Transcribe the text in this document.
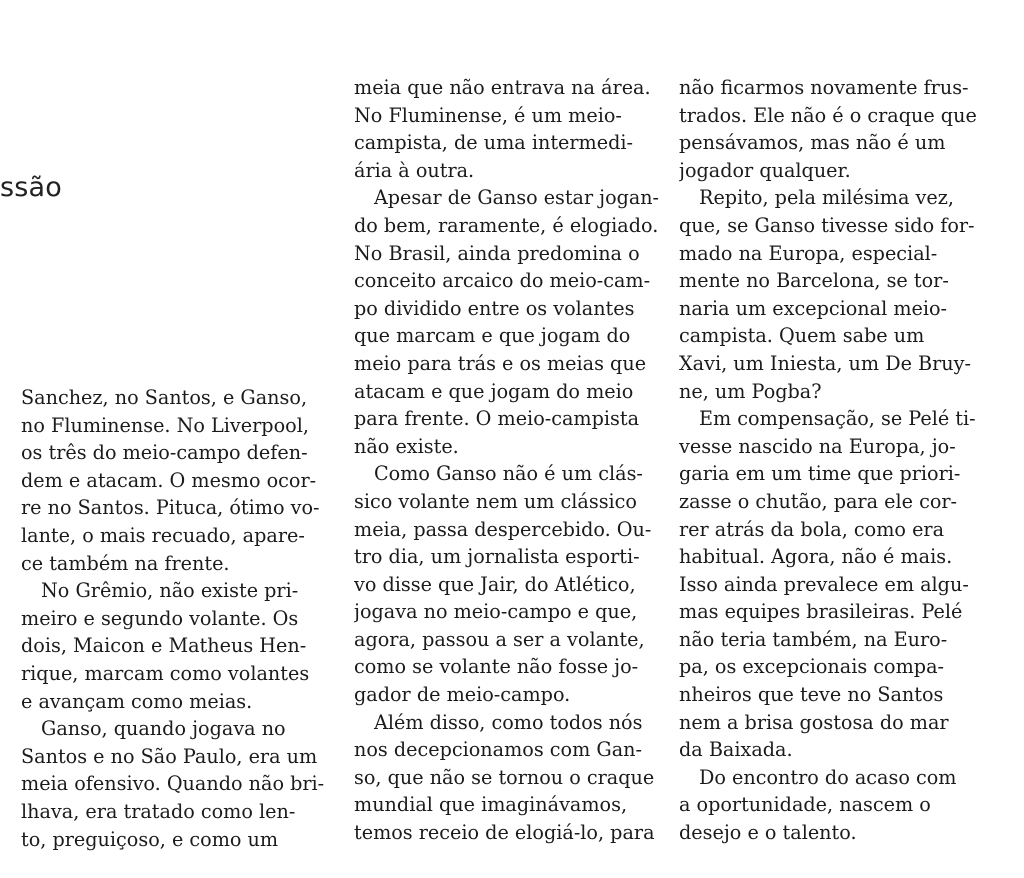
ssão
Sanchez, no Santos, e Ganso,
no Fluminense. No Liverpool,
os três do meio-campo defen-
dem e atacam. O mesmo ocor-
re no Santos. Pituca, ótimo vo-
lante, o mais recuado, apare-
ce também na frente.
No Grêmio, não existe pri-
meiro e segundo volante. Os
dois, Maicon e Matheus Hen-
rique, marcam como volantes
e avançam como meias.
Ganso, quando jogava no
Santos e no São Paulo, era um
meia ofensivo. Quando não bri-
lhava, era tratado como len-
to, preguiçoso, e como um
meia que não entrava na área.
No Fluminense, é um meio-
campista, de uma intermedi-
ária à outra.
Apesar de Ganso estar jogan-
do bem, raramente, é elogiado.
No Brasil, ainda predomina o
conceito arcaico do meio-cam-
po dividido entre os volantes
que marcam e que jogam do
meio para trás e os meias que
atacam e que jogam do meio
para frente. O meio-campista
não existe.
Como Ganso não é um clás-
sico volante nem um clássico
meia, passa despercebido. Ou-
tro dia, um jornalista esporti-
vo disse que Jair, do Atlético,
jogava no meio-campo e que,
agora, passou a ser a volante,
como se volante não fosse jo-
gador de meio-campo.
Além disso, como todos nós
nos decepcionamos com Gan-
so, que não se tornou o craque
mundial que imaginávamos,
temos receio de elogiá-lo, para
não ficarmos novamente frus-
trados. Ele não é o craque que
pensávamos, mas não é um
jogador qualquer.
Repito, pela milésima vez,
que, se Ganso tivesse sido for-
mado na Europa, especial-
mente no Barcelona, se tor-
naria um excepcional meio-
campista. Quem sabe um
Xavi, um Iniesta, um De Bruy-
ne, um Pogba?
Em compensação, se Pelé ti-
vesse nascido na Europa, jo-
garia em um time que priori-
zasse o chutão, para ele cor-
rer atrás da bola, como era
habitual. Agora, não é mais.
Isso ainda prevalece em algu-
mas equipes brasileiras. Pelé
não teria também, na Euro-
pa, os excepcionais compa-
nheiros que teve no Santos
nem a brisa gostosa do mar
da Baixada.
Do encontro do acaso com
a oportunidade, nascem o
desejo e o talento.
